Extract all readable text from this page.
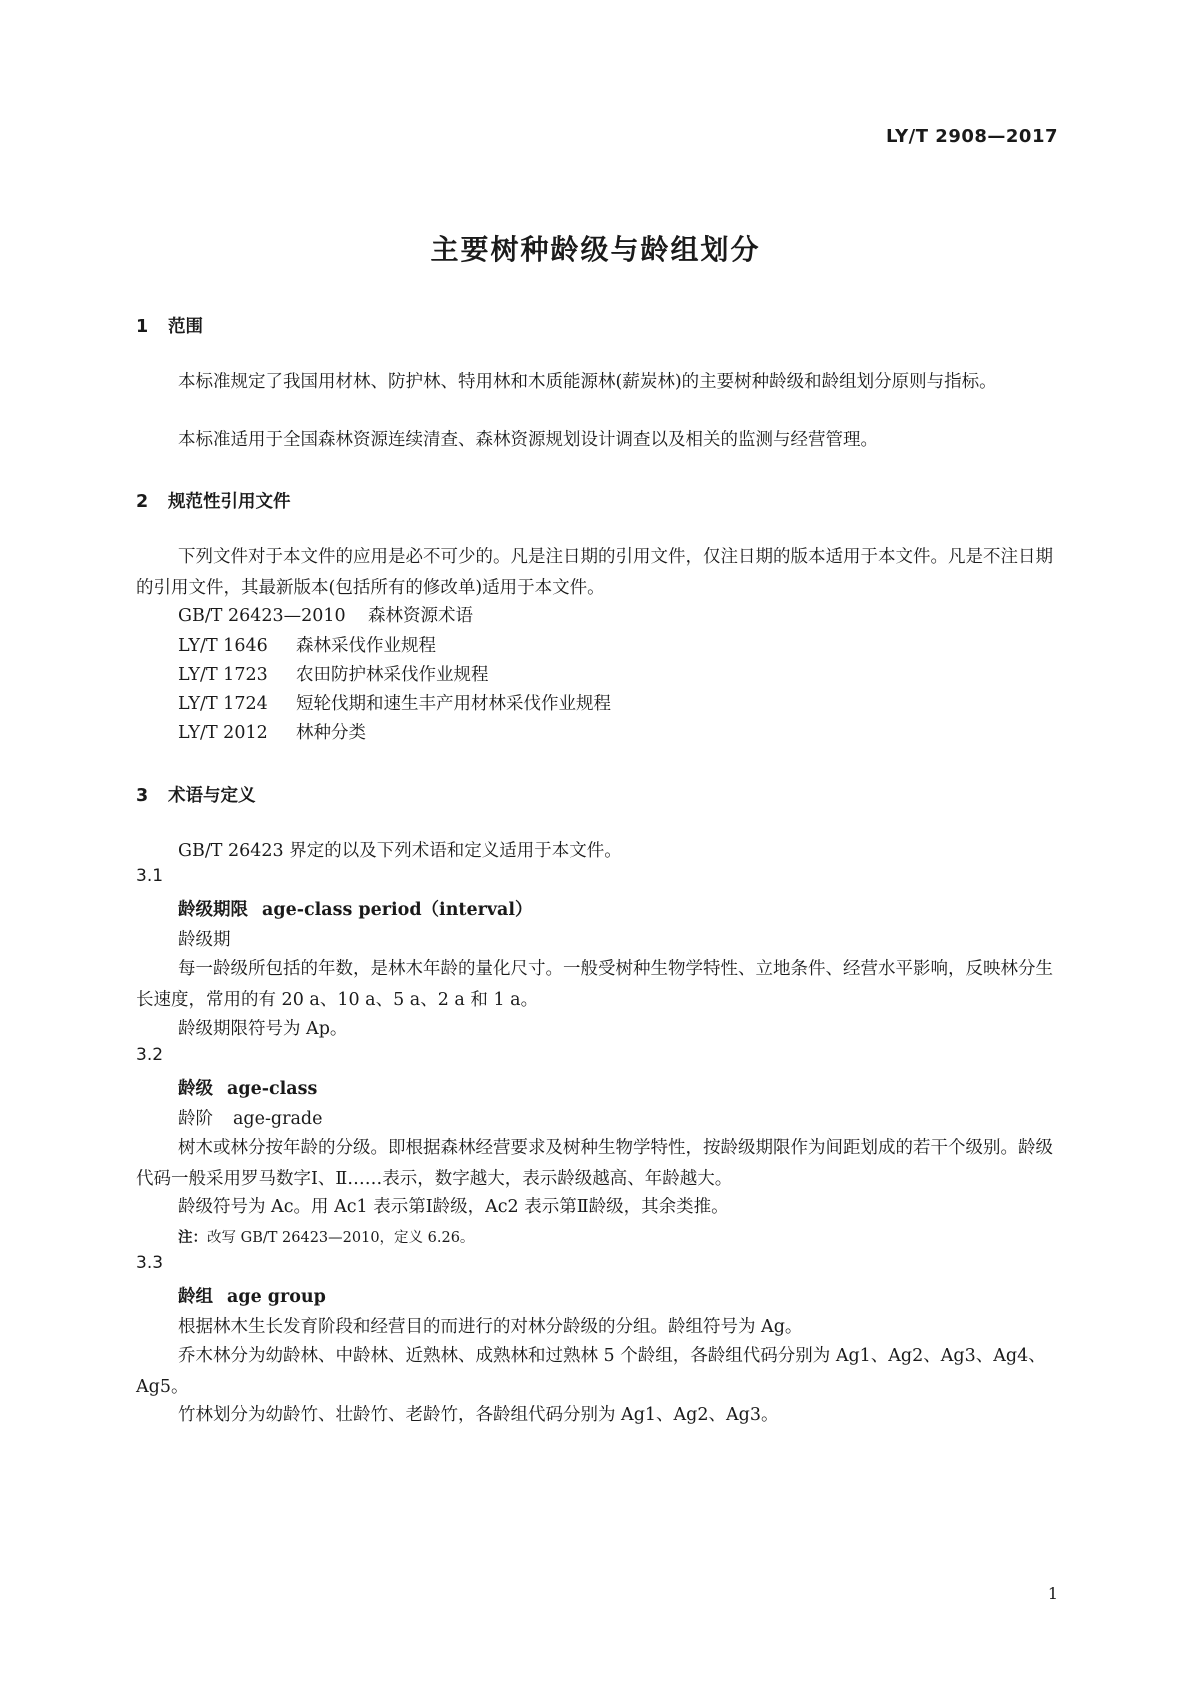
LY/T 2908—2017
主要树种龄级与龄组划分
1 范围
本标准规定了我国用材林、防护林、特用林和木质能源林(薪炭林)的主要树种龄级和龄组划分原则与指标。
本标准适用于全国森林资源连续清查、森林资源规划设计调查以及相关的监测与经营管理。
2 规范性引用文件
下列文件对于本文件的应用是必不可少的。凡是注日期的引用文件，仅注日期的版本适用于本文件。凡是不注日期的引用文件，其最新版本(包括所有的修改单)适用于本文件。
GB/T 26423—2010 森林资源术语
LY/T 1646 森林采伐作业规程
LY/T 1723 农田防护林采伐作业规程
LY/T 1724 短轮伐期和速生丰产用材林采伐作业规程
LY/T 2012 林种分类
3 术语与定义
GB/T 26423 界定的以及下列术语和定义适用于本文件。
3.1
龄级期限 age-class period（interval）
龄级期
每一龄级所包括的年数，是林木年龄的量化尺寸。一般受树种生物学特性、立地条件、经营水平影响，反映林分生长速度，常用的有 20 a、10 a、5 a、2 a 和 1 a。
龄级期限符号为 Ap。
3.2
龄级 age-class
龄阶 age-grade
树木或林分按年龄的分级。即根据森林经营要求及树种生物学特性，按龄级期限作为间距划成的若干个级别。龄级代码一般采用罗马数字Ⅰ、Ⅱ……表示，数字越大，表示龄级越高、年龄越大。
龄级符号为 Ac。用 Ac1 表示第Ⅰ龄级，Ac2 表示第Ⅱ龄级，其余类推。
注：改写 GB/T 26423—2010，定义 6.26。
3.3
龄组 age group
根据林木生长发育阶段和经营目的而进行的对林分龄级的分组。龄组符号为 Ag。
乔木林分为幼龄林、中龄林、近熟林、成熟林和过熟林 5 个龄组，各龄组代码分别为 Ag1、Ag2、Ag3、Ag4、Ag5。
竹林划分为幼龄竹、壮龄竹、老龄竹，各龄组代码分别为 Ag1、Ag2、Ag3。
1
